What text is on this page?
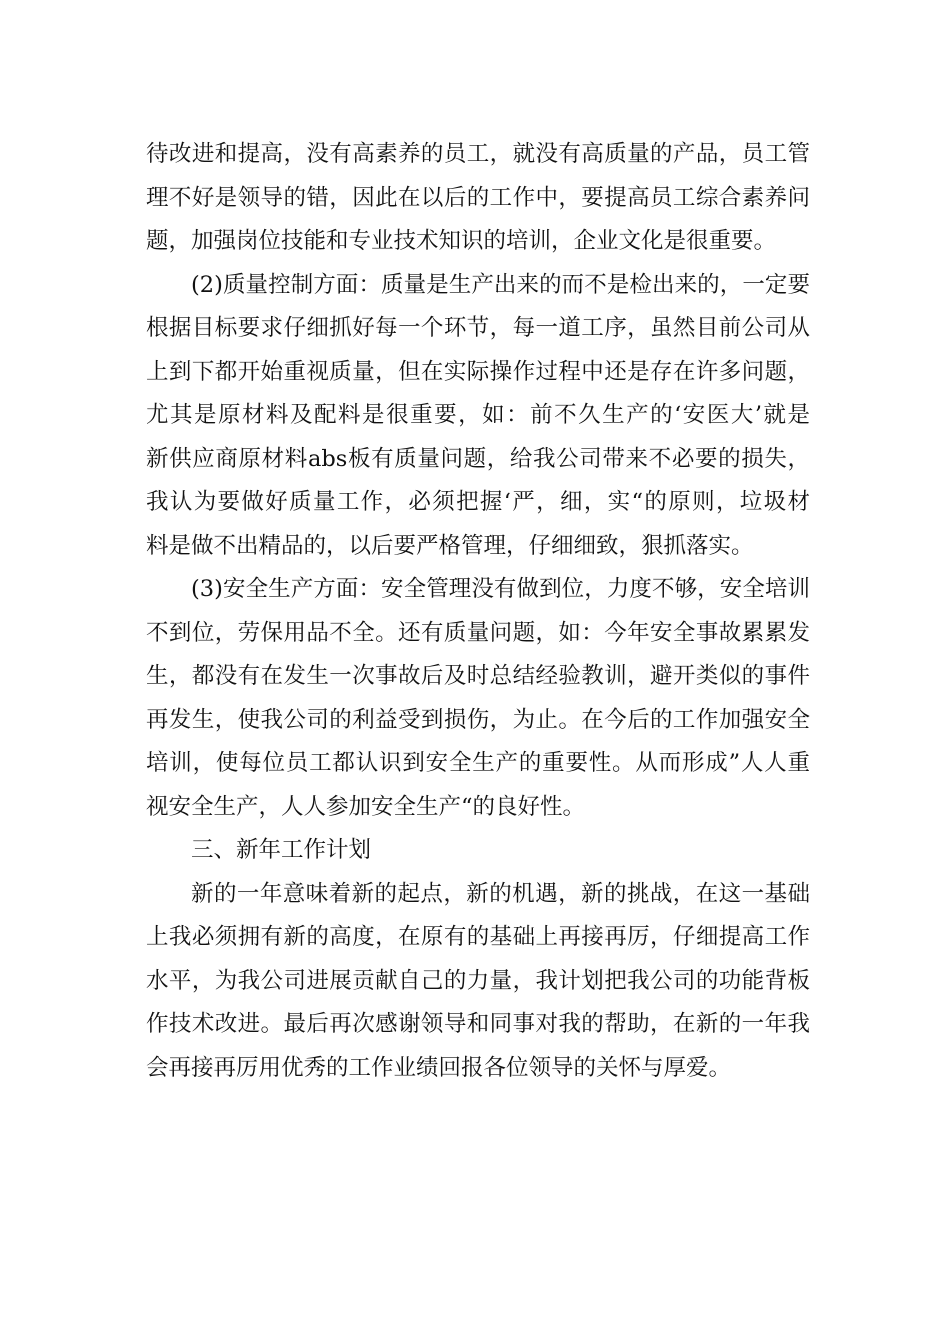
待改进和提高，没有高素养的员工，就没有高质量的产品，员工管
理不好是领导的错，因此在以后的工作中，要提高员工综合素养问
题，加强岗位技能和专业技术知识的培训，企业文化是很重要。
(2)质量控制方面：质量是生产出来的而不是检出来的，一定要
根据目标要求仔细抓好每一个环节，每一道工序，虽然目前公司从
上到下都开始重视质量，但在实际操作过程中还是存在许多问题，
尤其是原材料及配料是很重要，如：前不久生产的‘安医大’就是
新供应商原材料abs板有质量问题，给我公司带来不必要的损失，
我认为要做好质量工作，必须把握‘严，细，实“的原则，垃圾材
料是做不出精品的，以后要严格管理，仔细细致，狠抓落实。
(3)安全生产方面：安全管理没有做到位，力度不够，安全培训
不到位，劳保用品不全。还有质量问题，如：今年安全事故累累发
生，都没有在发生一次事故后及时总结经验教训，避开类似的事件
再发生，使我公司的利益受到损伤，为止。在今后的工作加强安全
培训，使每位员工都认识到安全生产的重要性。从而形成”人人重
视安全生产，人人参加安全生产“的良好性。
三、新年工作计划
新的一年意味着新的起点，新的机遇，新的挑战，在这一基础
上我必须拥有新的高度，在原有的基础上再接再厉，仔细提高工作
水平，为我公司进展贡献自己的力量，我计划把我公司的功能背板
作技术改进。最后再次感谢领导和同事对我的帮助，在新的一年我
会再接再厉用优秀的工作业绩回报各位领导的关怀与厚爱。
